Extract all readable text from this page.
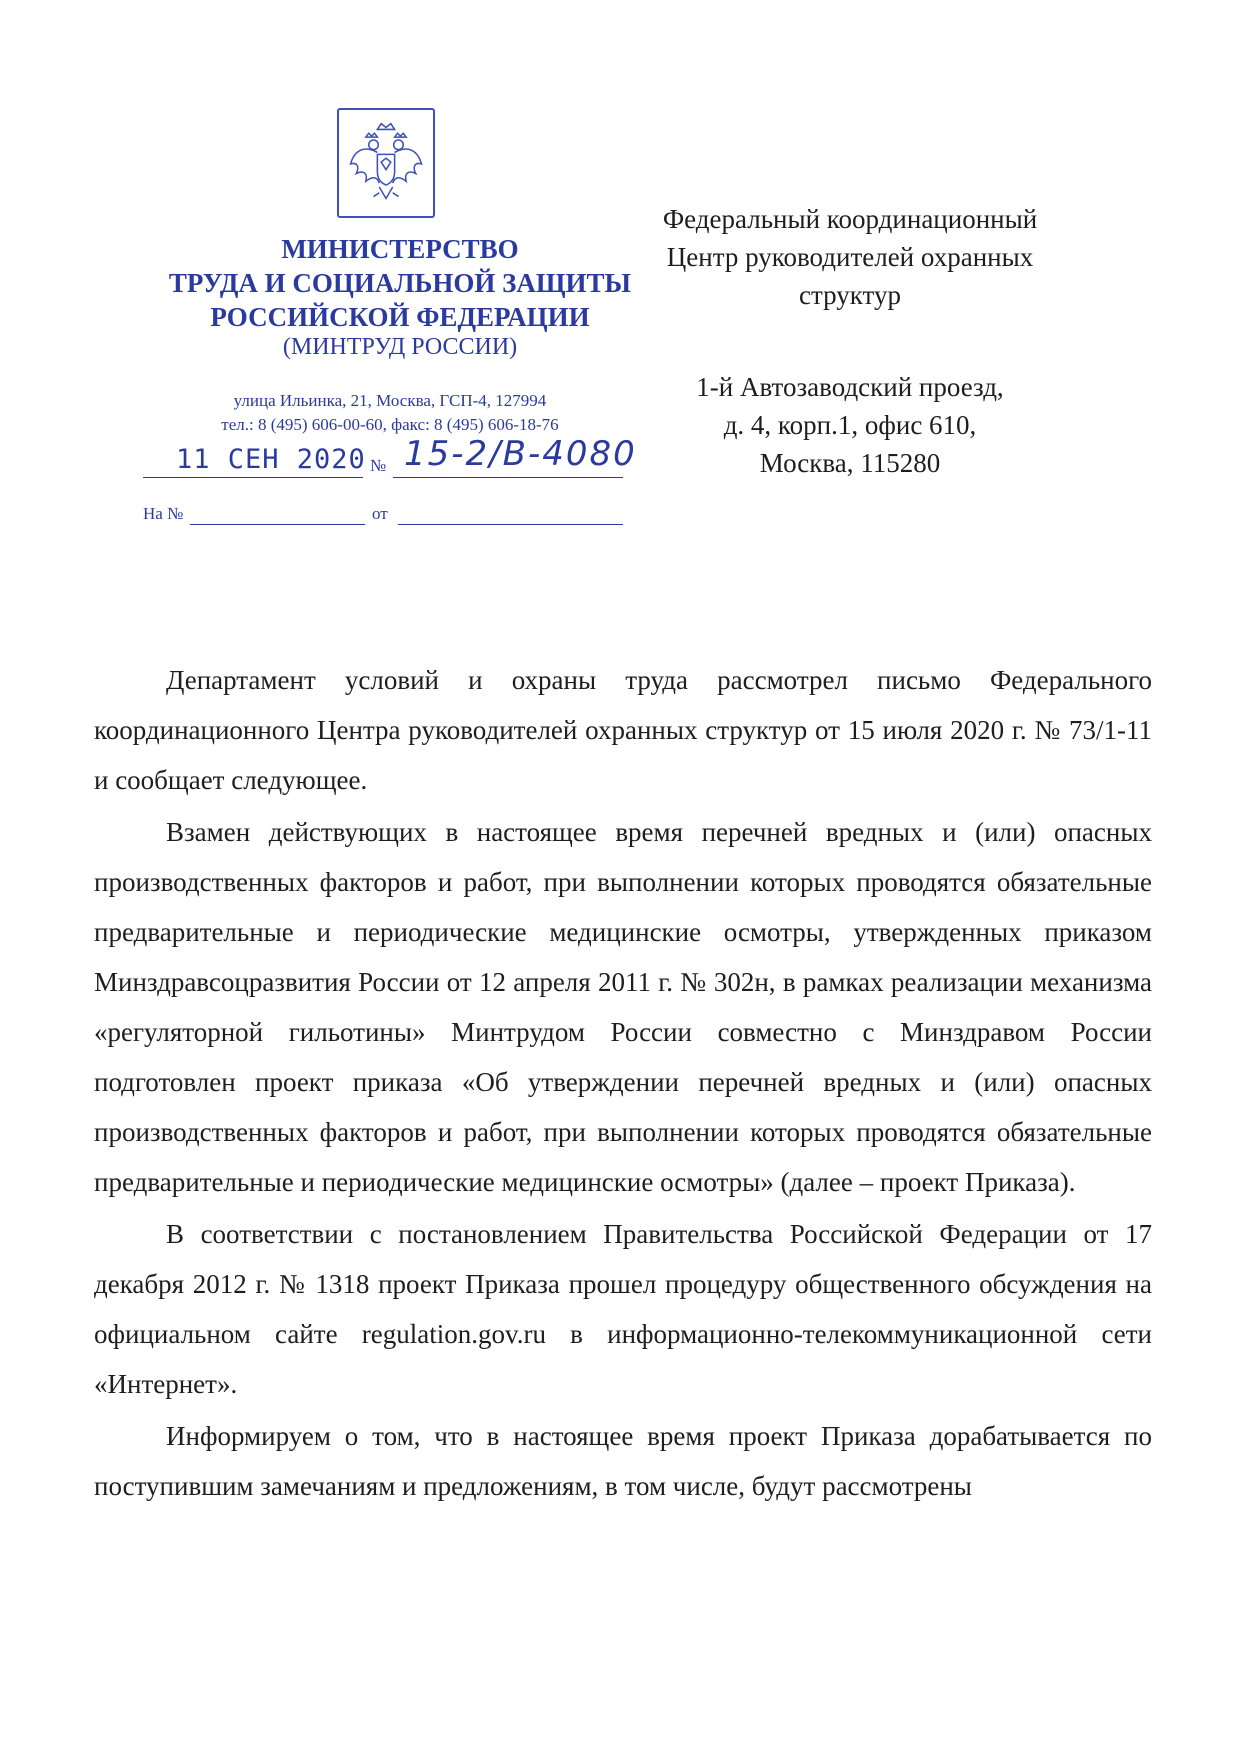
МИНИСТЕРСТВО
ТРУДА И СОЦИАЛЬНОЙ ЗАЩИТЫ
РОССИЙСКОЙ ФЕДЕРАЦИИ
(МИНТРУД РОССИИ)
улица Ильинка, 21, Москва, ГСП-4, 127994
тел.: 8 (495) 606-00-60, факс: 8 (495) 606-18-76
11 СЕН 2020 № 15-2/В-4080
На №	от
Федеральный координационный
Центр руководителей охранных
структур
1-й Автозаводский проезд,
д. 4, корп.1, офис 610,
Москва, 115280

Департамент условий и охраны труда рассмотрел письмо Федерального координационного Центра руководителей охранных структур от 15 июля 2020 г. № 73/1-11 и сообщает следующее.

Взамен действующих в настоящее время перечней вредных и (или) опасных производственных факторов и работ, при выполнении которых проводятся обязательные предварительные и периодические медицинские осмотры, утвержденных приказом Минздравсоцразвития России от 12 апреля 2011 г. № 302н, в рамках реализации механизма «регуляторной гильотины» Минтрудом России совместно с Минздравом России подготовлен проект приказа «Об утверждении перечней вредных и (или) опасных производственных факторов и работ, при выполнении которых проводятся обязательные предварительные и периодические медицинские осмотры» (далее – проект Приказа).

В соответствии с постановлением Правительства Российской Федерации от 17 декабря 2012 г. № 1318 проект Приказа прошел процедуру общественного обсуждения на официальном сайте regulation.gov.ru в информационно-телекоммуникационной сети «Интернет».

Информируем о том, что в настоящее время проект Приказа дорабатывается по поступившим замечаниям и предложениям, в том числе, будут рассмотрены
